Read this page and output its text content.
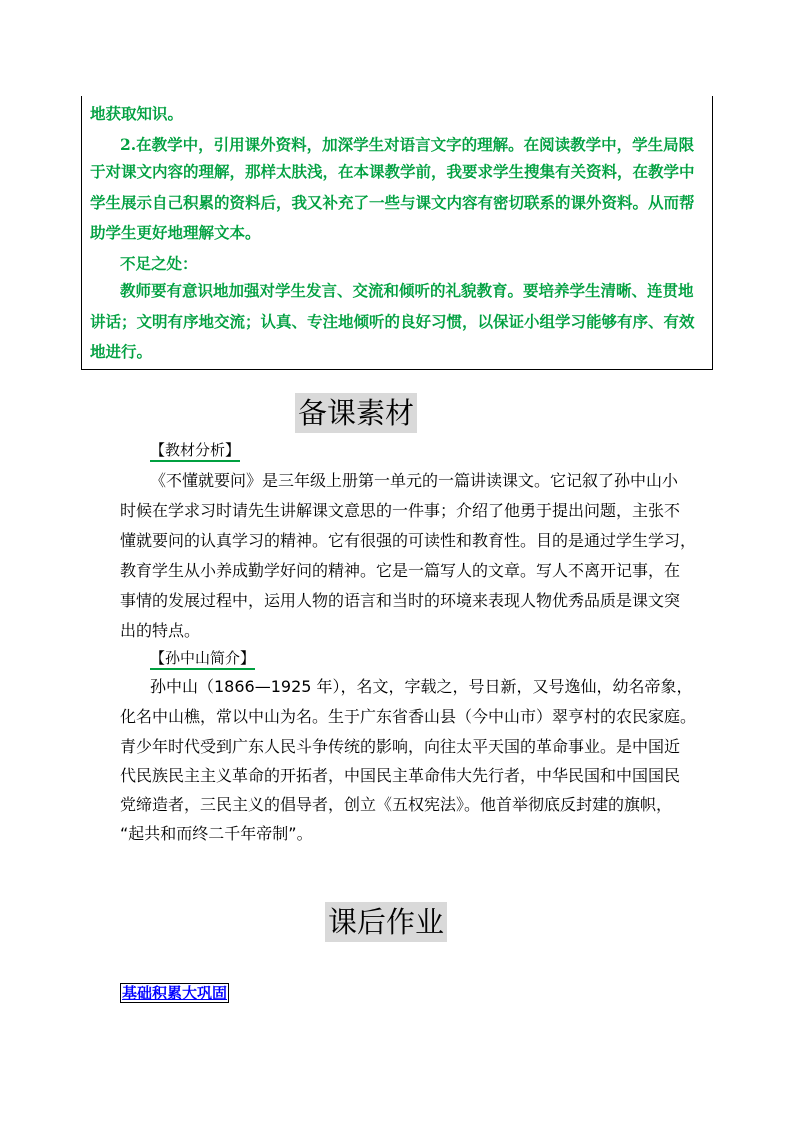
地获取知识。
2.在教学中，引用课外资料，加深学生对语言文字的理解。在阅读教学中，学生局限
于对课文内容的理解，那样太肤浅，在本课教学前，我要求学生搜集有关资料，在教学中
学生展示自己积累的资料后，我又补充了一些与课文内容有密切联系的课外资料。从而帮
助学生更好地理解文本。
不足之处：
教师要有意识地加强对学生发言、交流和倾听的礼貌教育。要培养学生清晰、连贯地
讲话；文明有序地交流；认真、专注地倾听的良好习惯，以保证小组学习能够有序、有效
地进行。
备课素材
【教材分析】
《不懂就要问》是三年级上册第一单元的一篇讲读课文。它记叙了孙中山小
时候在学求习时请先生讲解课文意思的一件事；介绍了他勇于提出问题，主张不
懂就要问的认真学习的精神。它有很强的可读性和教育性。目的是通过学生学习，
教育学生从小养成勤学好问的精神。它是一篇写人的文章。写人不离开记事，在
事情的发展过程中，运用人物的语言和当时的环境来表现人物优秀品质是课文突
出的特点。
【孙中山简介】
孙中山（1866—1925 年），名文，字载之，号日新，又号逸仙，幼名帝象，
化名中山樵，常以中山为名。生于广东省香山县（今中山市）翠亨村的农民家庭。
青少年时代受到广东人民斗争传统的影响，向往太平天国的革命事业。是中国近
代民族民主主义革命的开拓者，中国民主革命伟大先行者，中华民国和中国国民
党缔造者，三民主义的倡导者，创立《五权宪法》。他首举彻底反封建的旗帜，
“起共和而终二千年帝制”。
课后作业
基础积累大巩固
